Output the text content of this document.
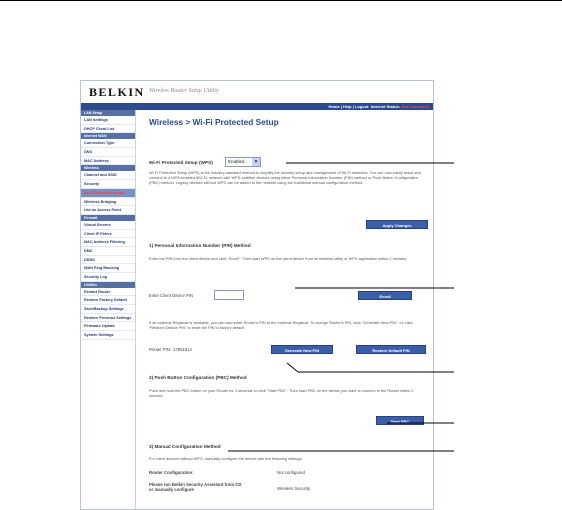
BELKIN Wireless Router Setup Utility
Home | Help | Logout Internet Status: Not connected
LAN Setup
LAN Settings
DHCP Client List
Internet WAN
Connection Type
DNS
MAC Address
Wireless
Channel and SSID
Security
Wi-Fi Protected Setup
Wireless Bridging
Use as Access Point
Firewall
Virtual Servers
Client IP Filters
MAC Address Filtering
DMZ
DDNS
WAN Ping Blocking
Security Log
Utilities
Restart Router
Restore Factory Default
Save/Backup Settings
Restore Previous Settings
Firmware Update
System Settings
Wireless > Wi-Fi Protected Setup
Wi-Fi Protected Setup (WPS)	Enabled	▼
Wi-Fi Protected Setup (WPS) is the industry standard method to simplify the security setup and management of Wi-Fi networks. You can now easily setup and connect to a WPA-enabled 802.11 network with WPS-certified devices using either Personal Information Number (PIN) method or Push Button Configuration (PBC) method. Legacy devices without WPS can be added to the network using the traditional manual configuration method.
Apply Changes
1) Personal Information Number (PIN) Method
Enter the PIN from the client device and click "Enroll". Then start WPS on the client device from its wireless utility or WPS application within 2 minutes.
Enter Client Device PIN	Enroll
If an external Registrar is available, you can also enter Router's PIN at the external Registrar. To change Router's PIN, click "Generate New PIN". Or click "Restore Default PIN" to reset the PIN to factory default.
Router PIN: 17851814	Generate New PIN	Restore Default PIN
2) Push Button Configuration (PBC) Method
Push and hold the PBC button on your Router for 3 seconds or click "Start PBC". Then start PBC on the device you want to connect to the Router within 2 minutes.
Start PBC
3) Manual Configuration Method
For client devices without WPS, manually configure the device with the following settings:
Router Configuration:	Not configured
Please run Belkin Security Assistant from CD or manually configure	Wireless Security
